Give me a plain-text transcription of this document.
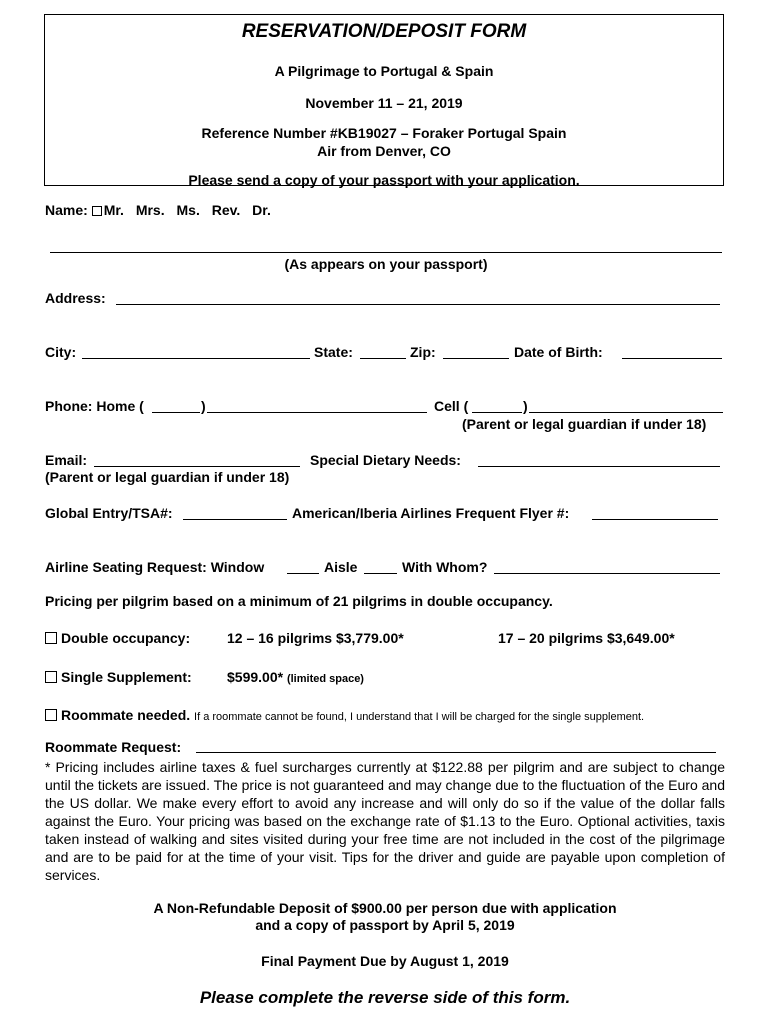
RESERVATION/DEPOSIT FORM
A Pilgrimage to Portugal & Spain
November 11 – 21, 2019
Reference Number #KB19027 – Foraker Portugal Spain
Air from Denver, CO
Please send a copy of your passport with your application.
Name: Mr. Mrs. Ms. Rev. Dr.
(As appears on your passport)
Address:
City:	State:	Zip:	Date of Birth:
Phone: Home (	)	Cell (	)
(Parent or legal guardian if under 18)
Email:	Special Dietary Needs:
(Parent or legal guardian if under 18)
Global Entry/TSA#:	American/Iberia Airlines Frequent Flyer #:
Airline Seating Request: Window	Aisle	With Whom?
Pricing per pilgrim based on a minimum of 21 pilgrims in double occupancy.
Double occupancy:	12 – 16 pilgrims $3,779.00*	17 – 20 pilgrims $3,649.00*
Single Supplement:	$599.00* (limited space)
Roommate needed. If a roommate cannot be found, I understand that I will be charged for the single supplement.
Roommate Request:
* Pricing includes airline taxes & fuel surcharges currently at $122.88 per pilgrim and are subject to change until the tickets are issued. The price is not guaranteed and may change due to the fluctuation of the Euro and the US dollar. We make every effort to avoid any increase and will only do so if the value of the dollar falls against the Euro. Your pricing was based on the exchange rate of $1.13 to the Euro. Optional activities, taxis taken instead of walking and sites visited during your free time are not included in the cost of the pilgrimage and are to be paid for at the time of your visit. Tips for the driver and guide are payable upon completion of services.
A Non-Refundable Deposit of $900.00 per person due with application
and a copy of passport by April 5, 2019
Final Payment Due by August 1, 2019
Please complete the reverse side of this form.
